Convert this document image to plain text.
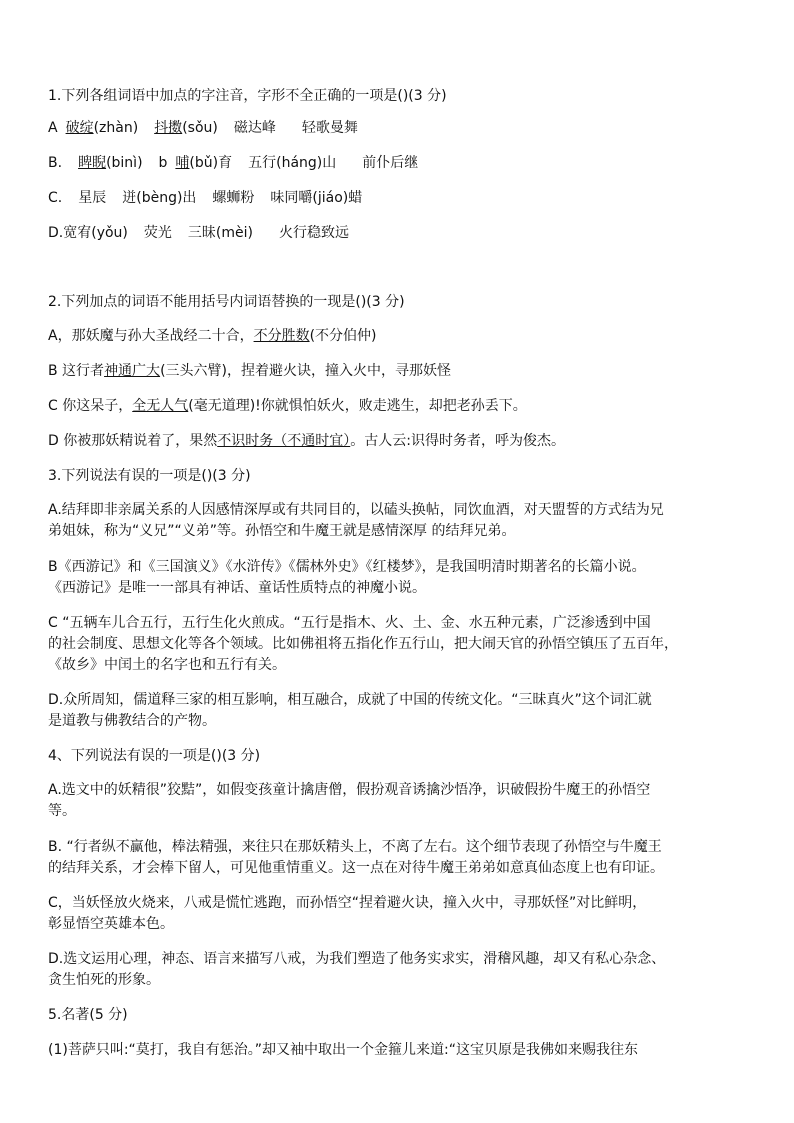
1.下列各组词语中加点的字注音，字形不全正确的一项是()(3 分)
A 破绽(zhàn) 抖擞(sǒu) 磁达峰 轻歌曼舞
B. 睥睨(binì) b 哺(bǔ)育 五行(háng)山 前仆后继
C. 星辰 迸(bèng)出 螺蛳粉 味同嚼(jiáo)蜡
D.宽宥(yǒu) 荧光 三昧(mèi) 火行稳致远
2.下列加点的词语不能用括号内词语替换的一现是()(3 分)
A，那妖魔与孙大圣战经二十合，不分胜数(不分伯仲)
B 这行者神通广大(三头六臂)，捏着避火诀，撞入火中，寻那妖怪
C 你这呆子，全无人气(毫无道理)!你就惧怕妖火，败走逃生，却把老孙丢下。
D 你被那妖精说着了，果然不识时务（不通时宜）。古人云:识得时务者，呼为俊杰。
3.下列说法有误的一项是()(3 分)
A.结拜即非亲属关系的人因感情深厚或有共同目的，以磕头换帖，同饮血酒，对天盟誓的方式结为兄
弟姐妹，称为“义兄”“义弟”等。孙悟空和牛魔王就是感情深厚 的结拜兄弟。
B《西游记》和《三国演义》《水浒传》《儒林外史》《红楼梦》，是我国明清时期著名的长篇小说。
《西游记》是唯一一部具有神话、童话性质特点的神魔小说。
C “五辆车儿合五行，五行生化火煎成。“五行是指木、火、土、金、水五种元素，广泛渗透到中国
的社会制度、思想文化等各个领域。比如佛祖将五指化作五行山，把大闹天官的孙悟空镇压了五百年，
《故乡》中闰土的名字也和五行有关。
D.众所周知，儒道释三家的相互影响，相互融合，成就了中国的传统文化。“三昧真火”这个词汇就
是道教与佛教结合的产物。
4、下列说法有误的一项是()(3 分)
A.选文中的妖精很”狡黠”，如假变孩童计擒唐僧，假扮观音诱擒沙悟净，识破假扮牛魔王的孙悟空
等。
B. “行者纵不赢他，棒法精强，来往只在那妖精头上，不离了左右。这个细节表现了孙悟空与牛魔王
的结拜关系，才会棒下留人，可见他重情重义。这一点在对待牛魔王弟弟如意真仙态度上也有印证。
C，当妖怪放火烧来，八戒是慌忙逃跑，而孙悟空“捏着避火诀，撞入火中，寻那妖怪”对比鲜明，
彰显悟空英雄本色。
D.选文运用心理，神态、语言来描写八戒，为我们塑造了他务实求实，滑稽风趣，却又有私心杂念、
贪生怕死的形象。
5.名著(5 分)
(1)菩萨只叫:“莫打，我自有惩治。”却又袖中取出一个金箍儿来道:“这宝贝原是我佛如来赐我往东
